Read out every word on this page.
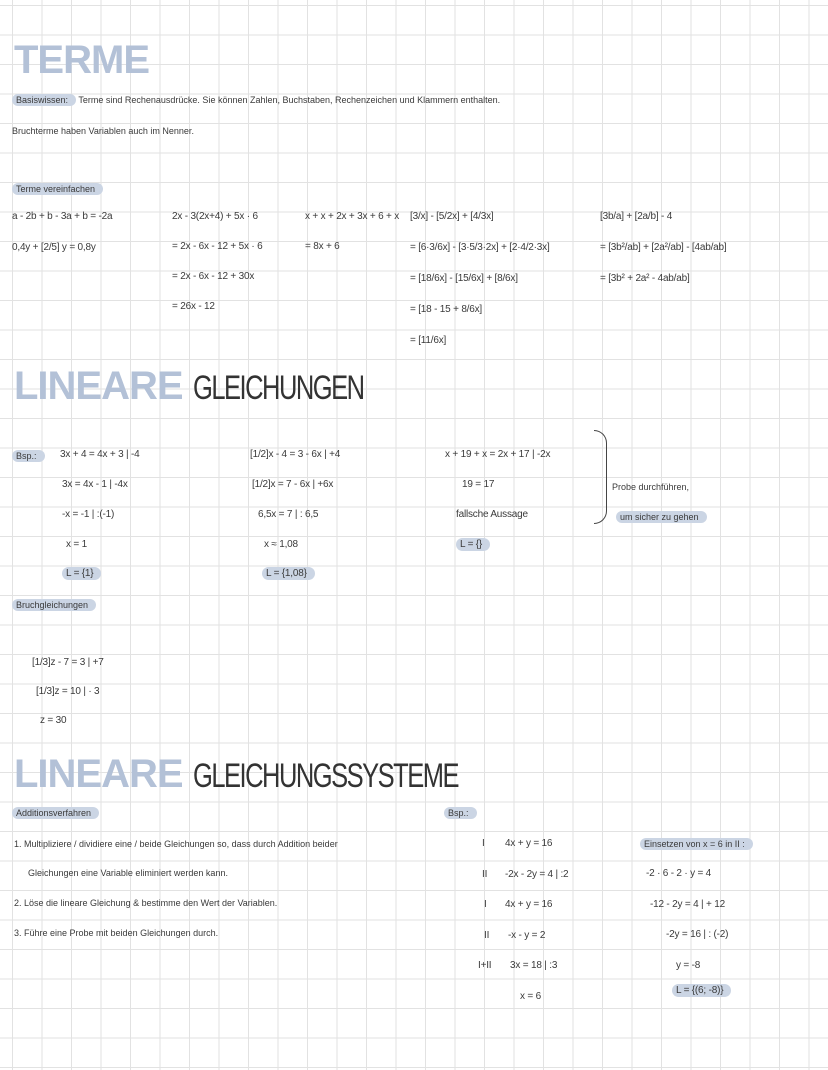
TERME
Basiswissen: Terme sind Rechenausdrücke. Sie können Zahlen, Buchstaben, Rechenzeichen und Klammern enthalten.
Bruchterme haben Variablen auch im Nenner.
Terme vereinfachen
a - 2b + b - 3a + b = -2a
0,4y + [2/5] y = 0,8y
2x - 3(2x+4) + 5x · 6
= 2x - 6x - 12 + 5x · 6
= 2x - 6x - 12 + 30x
= 26x - 12
x + x + 2x + 3x + 6 + x
= 8x + 6
[3/x] - [5/2x] + [4/3x]
= [6·3/6x] - [3·5/3·2x] + [2·4/2·3x]
= [18/6x] - [15/6x] + [8/6x]
= [18 - 15 + 8/6x]
= [11/6x]
[3b/a] + [2a/b] - 4
= [3b²/ab] + [2a²/ab] - [4ab/ab]
= [3b² + 2a² - 4ab/ab]
LINEARE GLEICHUNGEN
Bsp.:	3x + 4 = 4x + 3 | -4
3x = 4x - 1 | -4x
-x = -1 | :(-1)
x = 1
L = {1}
[1/2]x - 4 = 3 - 6x | +4
[1/2]x = 7 - 6x | +6x
6,5x = 7 | : 6,5
x ≈ 1,08
L = {1,08}
x + 19 + x = 2x + 17 | -2x
19 = 17
fallsche Aussage
L = {}
[1/3]z - 7 = 3 | +7
[1/3]z = 10 | · 3
z = 30
Probe durchführen,
um sicher zu gehen
Bruchgleichungen
LINEARE GLEICHUNGSSYSTEME
Additionsverfahren
1. Multipliziere / dividiere eine / beide Gleichungen so, dass durch Addition beider
Gleichungen eine Variable eliminiert werden kann.
2. Löse die lineare Gleichung & bestimme den Wert der Variablen.
3. Führe eine Probe mit beiden Gleichungen durch.
Bsp.:
Einsetzen von x = 6 in II :
I 4x + y = 16
II -2x - 2y = 4 | :2
I 4x + y = 16
II -x - y = 2
I+II 3x = 18 | :3
x = 6
-2 · 6 - 2 · y = 4
-12 - 2y = 4 | + 12
-2y = 16 | : (-2)
y = -8
L = {(6; -8)}
